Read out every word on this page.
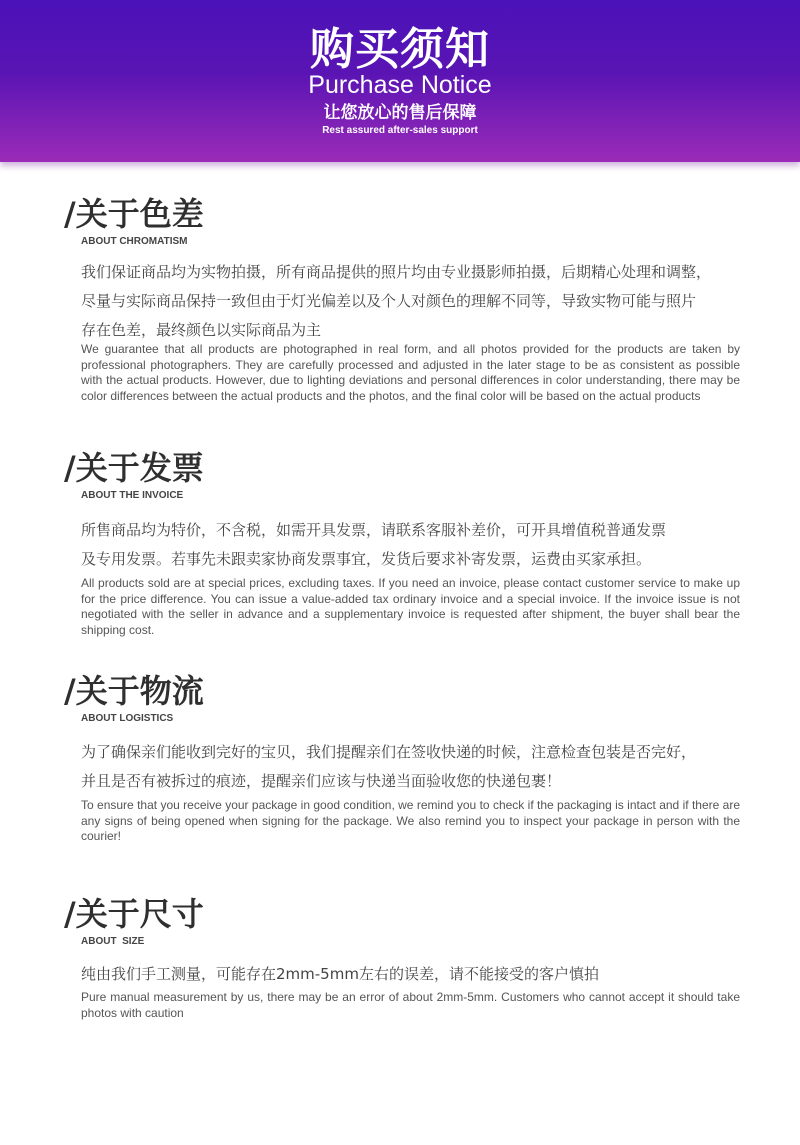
购买须知
Purchase Notice
让您放心的售后保障
Rest assured after-sales support
/关于色差
ABOUT CHROMATISM
我们保证商品均为实物拍摄，所有商品提供的照片均由专业摄影师拍摄，后期精心处理和调整，
尽量与实际商品保持一致但由于灯光偏差以及个人对颜色的理解不同等，导致实物可能与照片
存在色差，最终颜色以实际商品为主
We guarantee that all products are photographed in real form, and all photos provided for the products are taken by professional photographers. They are carefully processed and adjusted in the later stage to be as consistent as possible with the actual products. However, due to lighting deviations and personal differences in color understanding, there may be color differences between the actual products and the photos, and the final color will be based on the actual products
/关于发票
ABOUT THE INVOICE
所售商品均为特价，不含税，如需开具发票，请联系客服补差价，可开具增值税普通发票
及专用发票。若事先未跟卖家协商发票事宜，发货后要求补寄发票，运费由买家承担。
All products sold are at special prices, excluding taxes. If you need an invoice, please contact customer service to make up for the price difference. You can issue a value-added tax ordinary invoice and a special invoice. If the invoice issue is not negotiated with the seller in advance and a supplementary invoice is requested after shipment, the buyer shall bear the shipping cost.
/关于物流
ABOUT LOGISTICS
为了确保亲们能收到完好的宝贝，我们提醒亲们在签收快递的时候，注意检查包装是否完好，
并且是否有被拆过的痕迹，提醒亲们应该与快递当面验收您的快递包裹！
To ensure that you receive your package in good condition, we remind you to check if the packaging is intact and if there are any signs of being opened when signing for the package. We also remind you to inspect your package in person with the courier!
/关于尺寸
ABOUT  SIZE
纯由我们手工测量，可能存在2mm-5mm左右的误差，请不能接受的客户慎拍
Pure manual measurement by us, there may be an error of about 2mm-5mm. Customers who cannot accept it should take photos with caution
